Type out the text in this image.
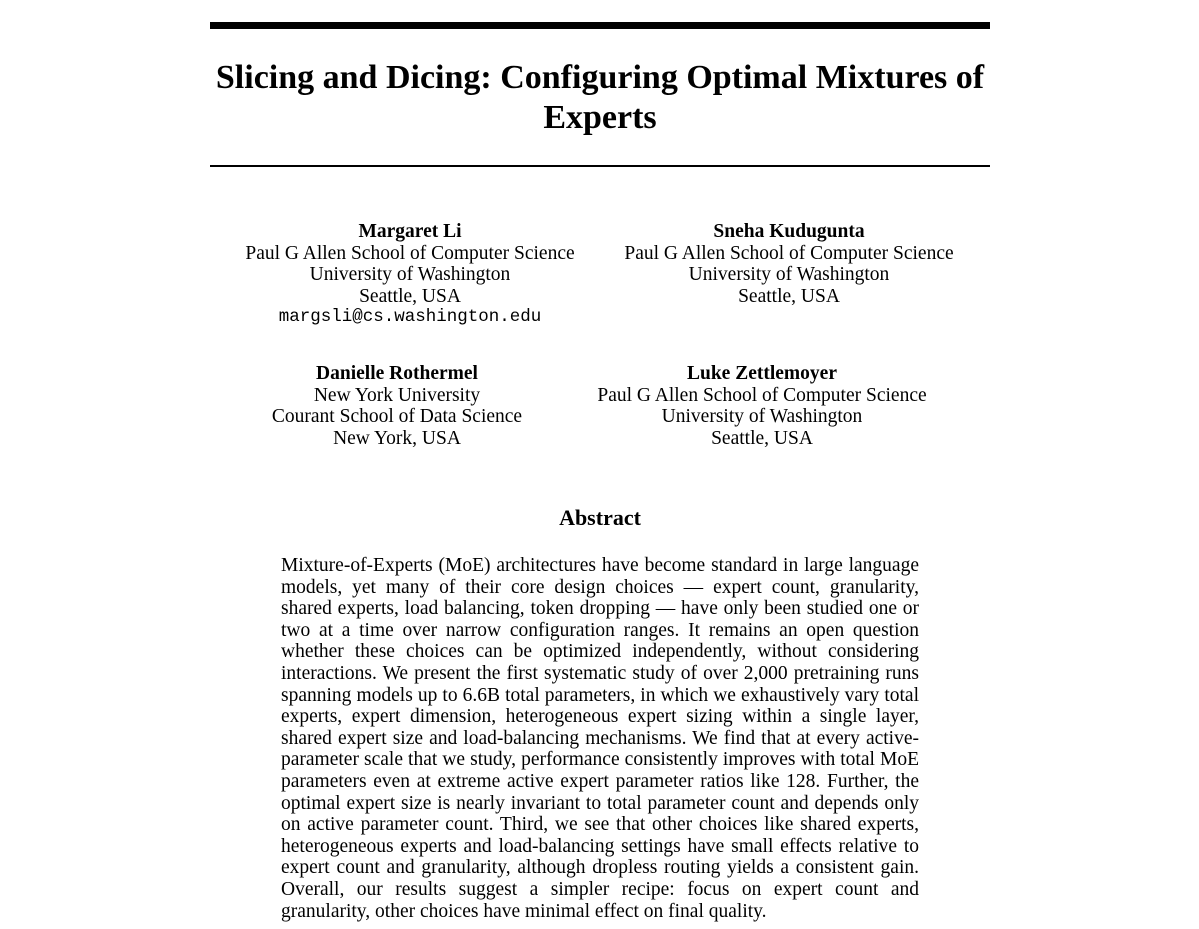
Slicing and Dicing: Configuring Optimal Mixtures of Experts
Margaret Li
Paul G Allen School of Computer Science
University of Washington
Seattle, USA
margsli@cs.washington.edu
Sneha Kudugunta
Paul G Allen School of Computer Science
University of Washington
Seattle, USA
Danielle Rothermel
New York University
Courant School of Data Science
New York, USA
Luke Zettlemoyer
Paul G Allen School of Computer Science
University of Washington
Seattle, USA
Abstract

Mixture-of-Experts (MoE) architectures have become standard in large language models, yet many of their core design choices — expert count, granularity, shared experts, load balancing, token dropping — have only been studied one or two at a time over narrow configuration ranges. It remains an open question whether these choices can be optimized independently, without considering interactions. We present the first systematic study of over 2,000 pretraining runs spanning models up to 6.6B total parameters, in which we exhaustively vary total experts, expert dimension, heterogeneous expert sizing within a single layer, shared expert size and load-balancing mechanisms. We find that at every active-parameter scale that we study, performance consistently improves with total MoE parameters even at extreme active expert parameter ratios like 128. Further, the optimal expert size is nearly invariant to total parameter count and depends only on active parameter count. Third, we see that other choices like shared experts, heterogeneous experts and load-balancing settings have small effects relative to expert count and granularity, although dropless routing yields a consistent gain. Overall, our results suggest a simpler recipe: focus on expert count and granularity, other choices have minimal effect on final quality.
